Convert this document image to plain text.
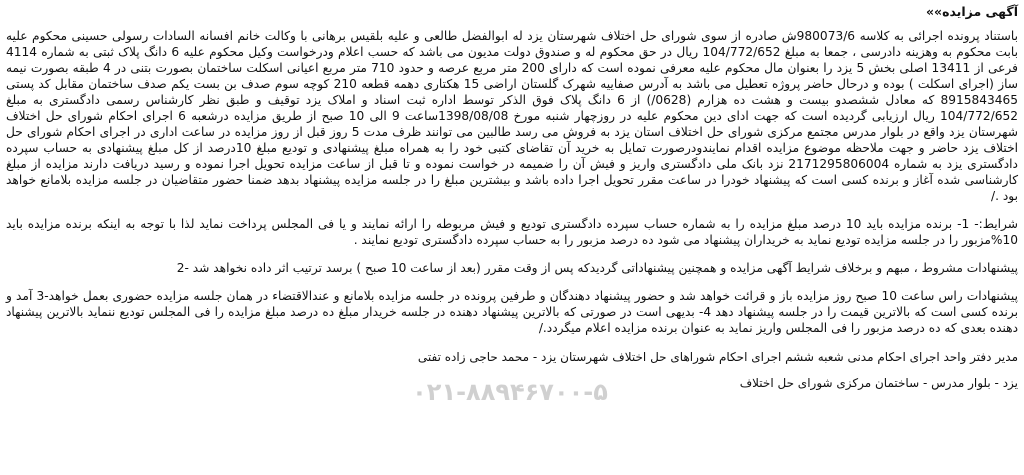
آگهی مزایده»»

باستناد پرونده اجرائی به کلاسه 980073/6ش صادره از سوی شورای حل اختلاف شهرستان یزد له ابوالفضل طالعی و علیه بلقیس برهانی با وکالت خانم افسانه السادات رسولی حسینی محکوم علیه بابت محکوم به وهزینه دادرسی ، جمعا به مبلغ 104/772/652 ریال در حق محکوم له و صندوق دولت مدیون می باشد که حسب اعلام ودرخواست وکیل محکوم علیه 6 دانگ پلاک ثبتی به شماره 4114 فرعی از 13411 اصلی بخش 5 یزد را بعنوان مال محکوم علیه معرفی نموده است که دارای 200 متر مربع عرصه و حدود 710 متر مربع اعیانی اسکلت ساختمان بصورت بتنی در 4 طبقه بصورت نیمه ساز (اجرای اسکلت ) بوده و درحال حاضر پروژه تعطیل می باشد به آدرس صفاییه شهرک گلستان اراضی 15 هکتاری دهمه قطعه 210 کوچه سوم صدف بن بست یکم صدف ساختمان مقابل کد پستی 8915843465 که معادل ششصدو بیست و هشت ده هزارم (0628/) از 6 دانگ پلاک فوق الذکر توسط اداره ثبت اسناد و املاک یزد توقیف و طبق نظر کارشناس رسمی دادگستری به مبلغ 104/772/652 ریال ارزیابی گردیده است که جهت ادای دین محکوم علیه در روزچهار شنبه مورخ 1398/08/08ساعت 9 الی 10 صبح از طریق مزایده درشعبه 6 اجرای احکام شورای حل اختلاف شهرستان یزد واقع در بلوار مدرس مجتمع مرکزی شورای حل اختلاف استان یزد به فروش می رسد طالبین می توانند ظرف مدت 5 روز قبل از روز مزایده در ساعت اداری در اجرای احکام شورای حل اختلاف یزد حاضر و جهت ملاحظه موضوع مزایده اقدام نمایندودرصورت تمایل به خرید آن تقاضای کتبی خود را به همراه مبلغ پیشنهادی و تودیع مبلغ 10درصد از کل مبلغ پیشنهادی به حساب سپرده دادگستری یزد به شماره 2171295806004 نزد بانک ملی دادگستری واریز و فیش آن را ضمیمه در خواست نموده و تا قبل از ساعت مزایده تحویل اجرا نموده و رسید دریافت دارند مزایده از مبلغ کارشناسی شده آغاز و برنده کسی است که پیشنهاد خودرا در ساعت مقرر تحویل اجرا داده باشد و بیشترین مبلغ را در جلسه مزایده پیشنهاد بدهد ضمنا حضور متقاضیان در جلسه مزایده بلامانع خواهد بود ./

شرایط:- 1- برنده مزایده باید 10 درصد مبلغ مزایده را به شماره حساب سپرده دادگستری تودیع و فیش مربوطه را ارائه نمایند و یا فی المجلس پرداخت نماید لذا با توجه به اینکه برنده مزایده باید 10%مزبور را در جلسه مزایده تودیع نماید به خریداران پیشنهاد می شود ده درصد مزبور را به حساب سپرده دادگستری تودیع نمایند .

پیشنهادات مشروط ، مبهم و برخلاف شرایط آگهی مزایده و همچنین پیشنهاداتی گردیدکه پس از وقت مقرر (بعد از ساعت 10 صبح ) برسد ترتیب اثر داده نخواهد شد -2

پیشنهادات راس ساعت 10 صبح روز مزایده باز و قرائت خواهد شد و حضور پیشنهاد دهندگان و طرفین پرونده در جلسه مزایده بلامانع و عندالاقتضاء در همان جلسه مزایده حضوری بعمل خواهد-3 آمد و برنده کسی است که بالاترین قیمت را در جلسه پیشنهاد دهد 4- بدیهی است در صورتی که بالاترین پیشنهاد دهنده در جلسه خریدار مبلغ ده درصد مبلغ مزایده را فی المجلس تودیع ننماید بالاترین پیشنهاد دهنده بعدی که ده درصد مزبور را فی المجلس واریز نماید به عنوان برنده مزایده اعلام میگردد./

مدیر دفتر واحد اجرای احکام مدنی شعبه ششم اجرای احکام شوراهای حل اختلاف شهرستان یزد - محمد حاجی زاده تفتی

یزد - بلوار مدرس - ساختمان مرکزی شورای حل اختلاف

۰۲۱-۸۸۹۴۶۷۰۰-۵
